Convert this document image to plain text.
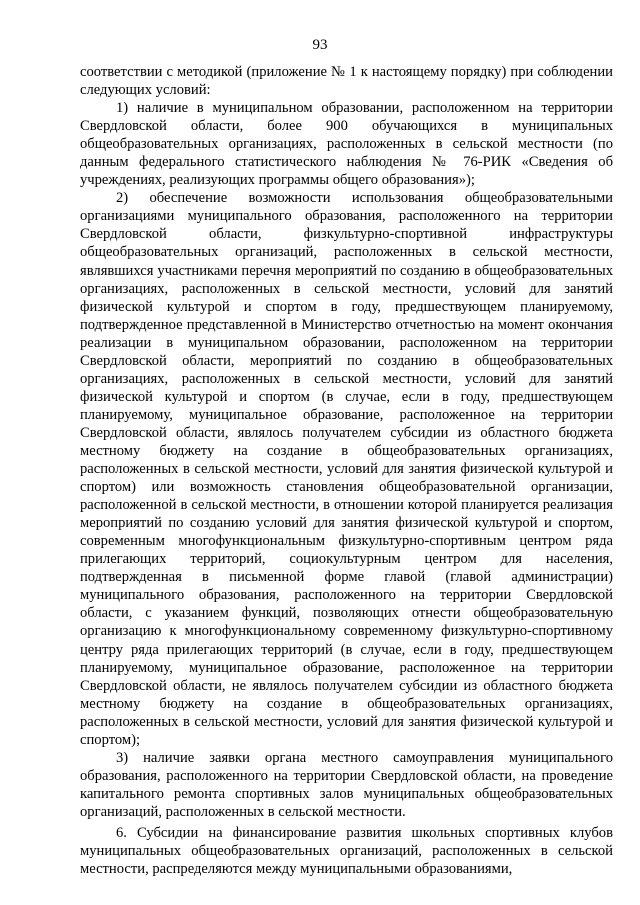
93

соответствии с методикой (приложение № 1 к настоящему порядку) при соблюдении следующих условий:

1) наличие в муниципальном образовании, расположенном на территории Свердловской области, более 900 обучающихся в муниципальных общеобразовательных организациях, расположенных в сельской местности (по данным федерального статистического наблюдения № 76-РИК «Сведения об учреждениях, реализующих программы общего образования»);

2) обеспечение возможности использования общеобразовательными организациями муниципального образования, расположенного на территории Свердловской области, физкультурно-спортивной инфраструктуры общеобразовательных организаций, расположенных в сельской местности, являвшихся участниками перечня мероприятий по созданию в общеобразовательных организациях, расположенных в сельской местности, условий для занятий физической культурой и спортом в году, предшествующем планируемому, подтвержденное представленной в Министерство отчетностью на момент окончания реализации в муниципальном образовании, расположенном на территории Свердловской области, мероприятий по созданию в общеобразовательных организациях, расположенных в сельской местности, условий для занятий физической культурой и спортом (в случае, если в году, предшествующем планируемому, муниципальное образование, расположенное на территории Свердловской области, являлось получателем субсидии из областного бюджета местному бюджету на создание в общеобразовательных организациях, расположенных в сельской местности, условий для занятия физической культурой и спортом) или возможность становления общеобразовательной организации, расположенной в сельской местности, в отношении которой планируется реализация мероприятий по созданию условий для занятия физической культурой и спортом, современным многофункциональным физкультурно-спортивным центром ряда прилегающих территорий, социокультурным центром для населения, подтвержденная в письменной форме главой (главой администрации) муниципального образования, расположенного на территории Свердловской области, с указанием функций, позволяющих отнести общеобразовательную организацию к многофункциональному современному физкультурно-спортивному центру ряда прилегающих территорий (в случае, если в году, предшествующем планируемому, муниципальное образование, расположенное на территории Свердловской области, не являлось получателем субсидии из областного бюджета местному бюджету на создание в общеобразовательных организациях, расположенных в сельской местности, условий для занятия физической культурой и спортом);

3) наличие заявки органа местного самоуправления муниципального образования, расположенного на территории Свердловской области, на проведение капитального ремонта спортивных залов муниципальных общеобразовательных организаций, расположенных в сельской местности.

6. Субсидии на финансирование развития школьных спортивных клубов муниципальных общеобразовательных организаций, расположенных в сельской местности, распределяются между муниципальными образованиями,
